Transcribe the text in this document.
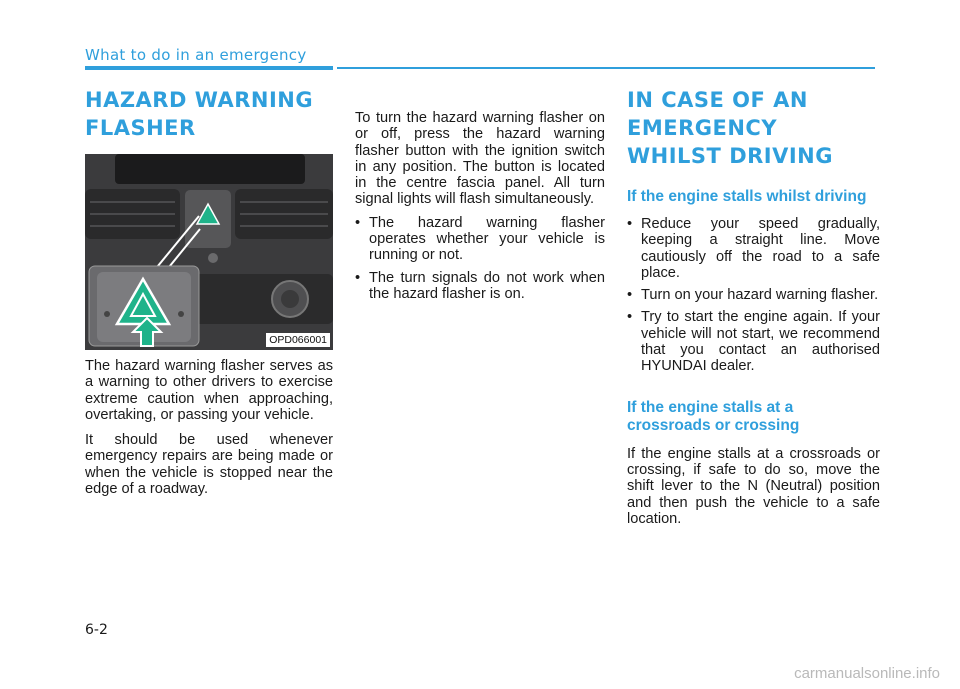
What to do in an emergency
HAZARD WARNING FLASHER
OPD066001

The hazard warning flasher serves as a warning to other drivers to exercise extreme caution when approaching, overtaking, or passing your vehicle.

It should be used whenever emergency repairs are being made or when the vehicle is stopped near the edge of a roadway.

To turn the hazard warning flasher on or off, press the hazard warning flasher button with the ignition switch in any position. The button is located in the centre fascia panel. All turn signal lights will flash simultaneously.

• The hazard warning flasher operates whether your vehicle is running or not.
• The turn signals do not work when the hazard flasher is on.
IN CASE OF AN EMERGENCY
WHILST DRIVING
If the engine stalls whilst driving
• Reduce your speed gradually, keeping a straight line. Move cautiously off the road to a safe place.
• Turn on your hazard warning flasher.
• Try to start the engine again. If your vehicle will not start, we recommend that you contact an authorised HYUNDAI dealer.
If the engine stalls at a crossroads or crossing

If the engine stalls at a crossroads or crossing, if safe to do so, move the shift lever to the N (Neutral) position and then push the vehicle to a safe location.

6-2
carmanualsonline.info
